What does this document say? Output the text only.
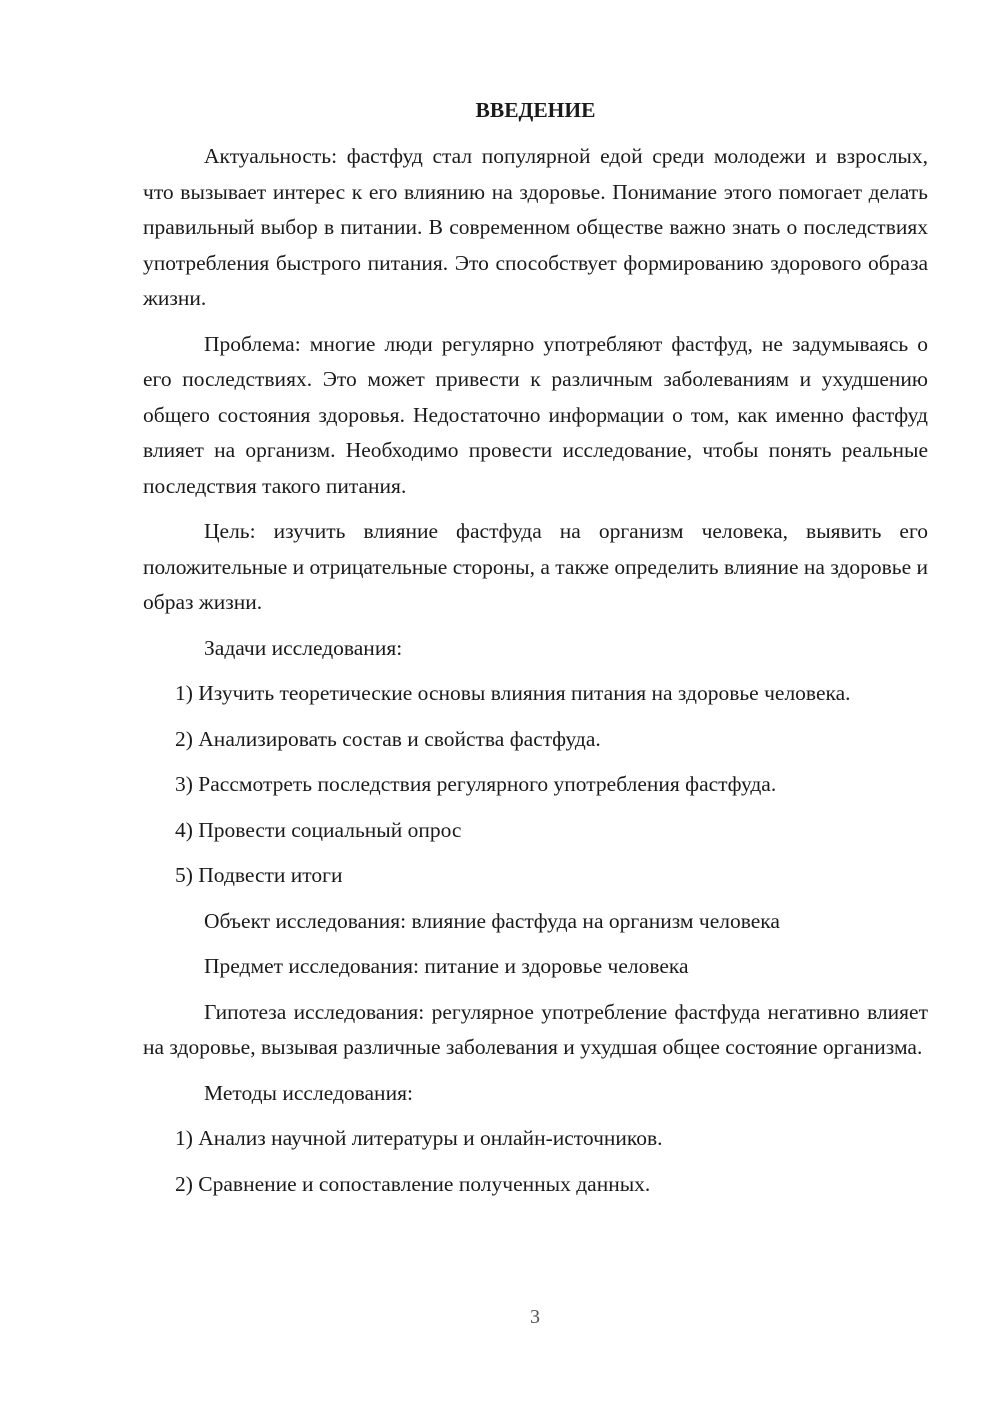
ВВЕДЕНИЕ

Актуальность: фастфуд стал популярной едой среди молодежи и взрослых, что вызывает интерес к его влиянию на здоровье. Понимание этого помогает делать правильный выбор в питании. В современном обществе важно знать о последствиях употребления быстрого питания. Это способствует формированию здорового образа жизни.

Проблема: многие люди регулярно употребляют фастфуд, не задумываясь о его последствиях. Это может привести к различным заболеваниям и ухудшению общего состояния здоровья. Недостаточно информации о том, как именно фастфуд влияет на организм. Необходимо провести исследование, чтобы понять реальные последствия такого питания.

Цель: изучить влияние фастфуда на организм человека, выявить его положительные и отрицательные стороны, а также определить влияние на здоровье и образ жизни.

Задачи исследования:

1) Изучить теоретические основы влияния питания на здоровье человека.

2) Анализировать состав и свойства фастфуда.

3) Рассмотреть последствия регулярного употребления фастфуда.

4) Провести социальный опрос

5) Подвести итоги

Объект исследования: влияние фастфуда на организм человека

Предмет исследования: питание и здоровье человека

Гипотеза исследования: регулярное употребление фастфуда негативно влияет на здоровье, вызывая различные заболевания и ухудшая общее состояние организма.

Методы исследования:

1) Анализ научной литературы и онлайн-источников.

2) Сравнение и сопоставление полученных данных.

3
